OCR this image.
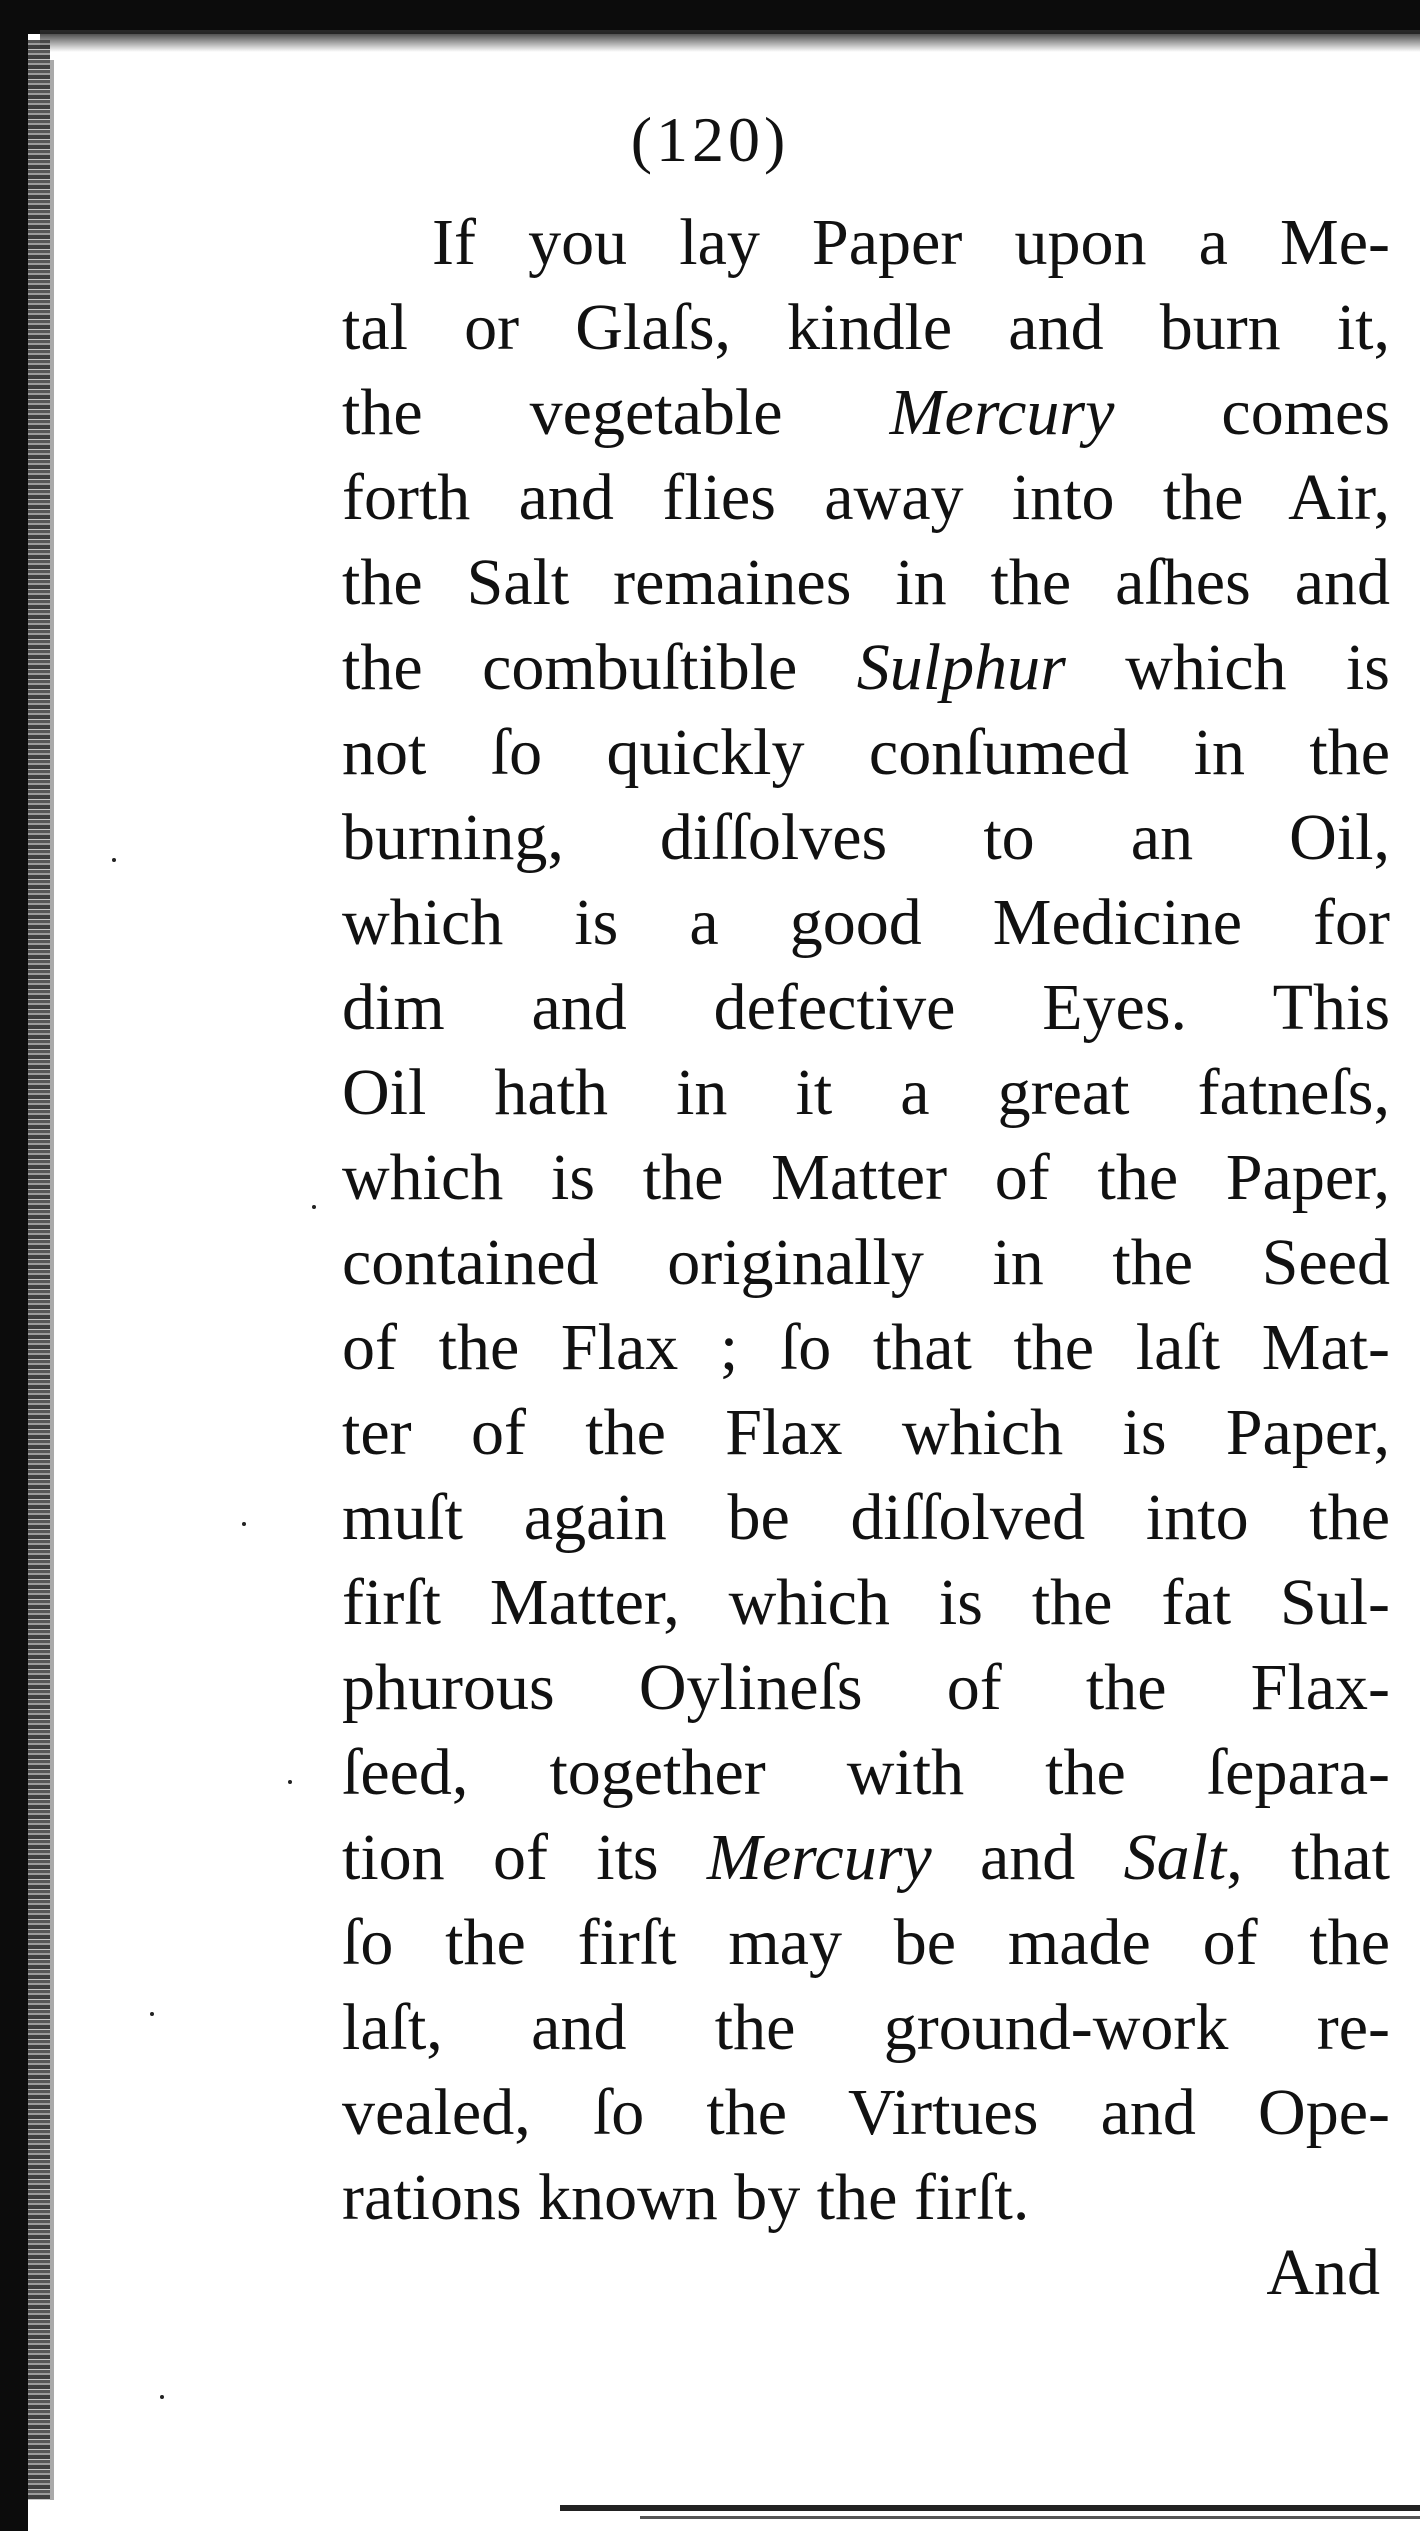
(120)
If you lay Paper upon a Me-
tal or Glaſs, kindle and burn it,
the vegetable Mercury comes
forth and flies away into the Air,
the Salt remaines in the aſhes and
the combuſtible Sulphur which is
not ſo quickly conſumed in the
burning, diſſolves to an Oil,
which is a good Medicine for
dim and defective Eyes. This
Oil hath in it a great fatneſs,
which is the Matter of the Paper,
contained originally in the Seed
of the Flax ; ſo that the laſt Mat-
ter of the Flax which is Paper,
muſt again be diſſolved into the
firſt Matter, which is the fat Sul-
phurous Oylineſs of the Flax-
ſeed, together with the ſepara-
tion of its Mercury and Salt, that
ſo the firſt may be made of the
laſt, and the ground-work re-
vealed, ſo the Virtues and Ope-
rations known by the firſt.
And
